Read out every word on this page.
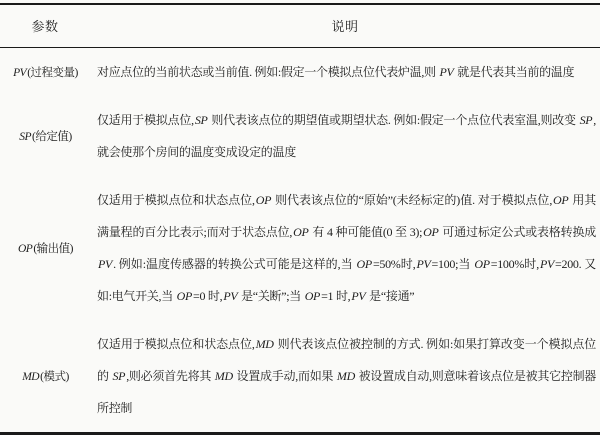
参数	说明
PV(过程变量)	对应点位的当前状态或当前值. 例如:假定一个模拟点位代表炉温,则 PV 就是代表其当前的温度
SP(给定值)	仅适用于模拟点位,SP 则代表该点位的期望值或期望状态. 例如:假定一个点位代表室温,则改变 SP,就会使那个房间的温度变成设定的温度
OP(输出值)	仅适用于模拟点位和状态点位,OP 则代表该点位的“原始”(未经标定的)值. 对于模拟点位,OP 用其满量程的百分比表示;而对于状态点位,OP 有 4 种可能值(0 至 3);OP 可通过标定公式或表格转换成 PV. 例如:温度传感器的转换公式可能是这样的,当 OP=50%时,PV=100;当 OP=100%时,PV=200. 又如:电气开关,当 OP=0 时,PV 是“关断”;当 OP=1 时,PV 是“接通”
MD(模式)	仅适用于模拟点位和状态点位,MD 则代表该点位被控制的方式. 例如:如果打算改变一个模拟点位的 SP,则必须首先将其 MD 设置成手动,而如果 MD 被设置成自动,则意味着该点位是被其它控制器所控制
